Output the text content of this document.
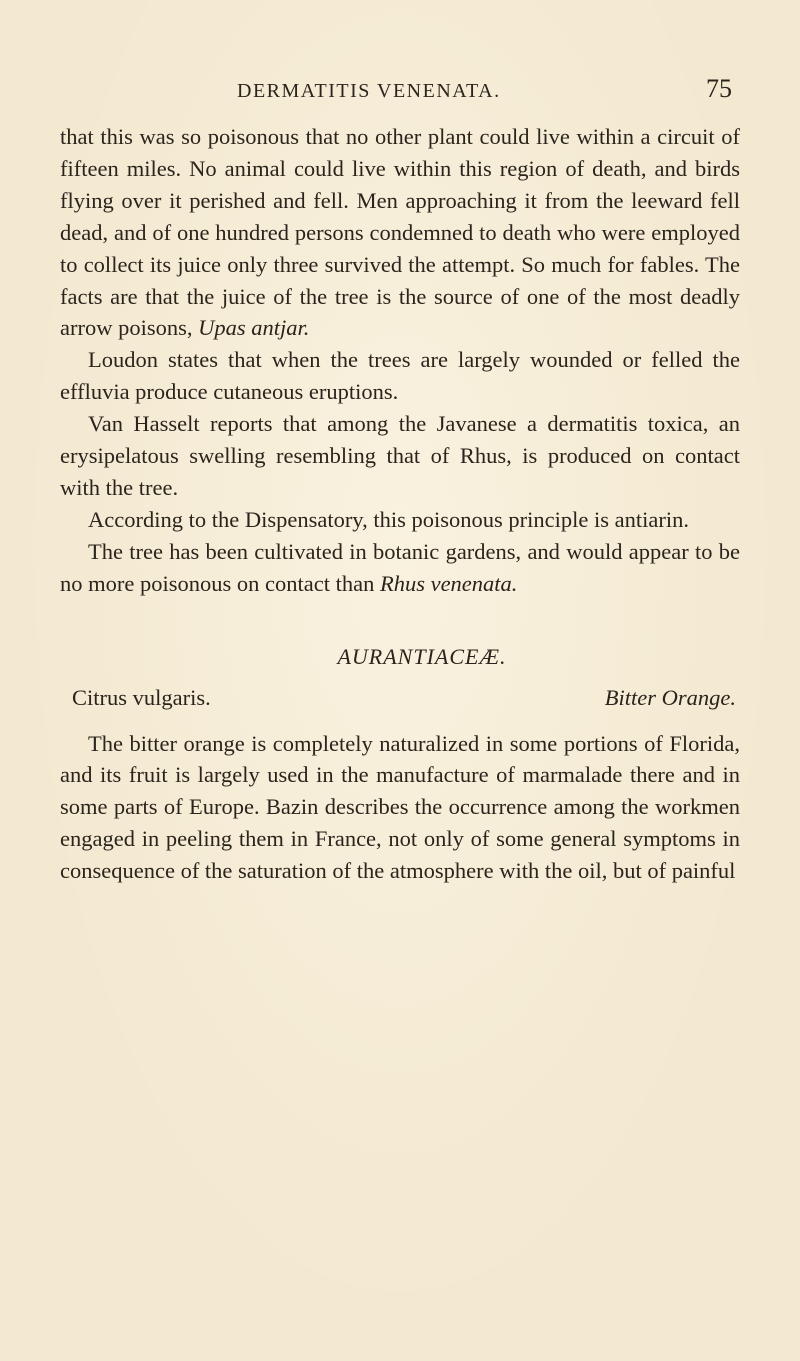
DERMATITIS VENENATA.	75

that this was so poisonous that no other plant could live within a circuit of fifteen miles. No animal could live within this region of death, and birds flying over it perished and fell. Men approaching it from the leeward fell dead, and of one hundred persons condemned to death who were employed to collect its juice only three survived the attempt. So much for fables. The facts are that the juice of the tree is the source of one of the most deadly arrow poisons, Upas antjar.

Loudon states that when the trees are largely wounded or felled the effluvia produce cutaneous eruptions.

Van Hasselt reports that among the Javanese a dermatitis toxica, an erysipelatous swelling resembling that of Rhus, is produced on contact with the tree.

According to the Dispensatory, this poisonous principle is antiarin.

The tree has been cultivated in botanic gardens, and would appear to be no more poisonous on contact than Rhus venenata.

AURANTIACEÆ.
Citrus vulgaris.	Bitter Orange.

The bitter orange is completely naturalized in some portions of Florida, and its fruit is largely used in the manufacture of marmalade there and in some parts of Europe. Bazin describes the occurrence among the workmen engaged in peeling them in France, not only of some general symptoms in consequence of the saturation of the atmosphere with the oil, but of painful
